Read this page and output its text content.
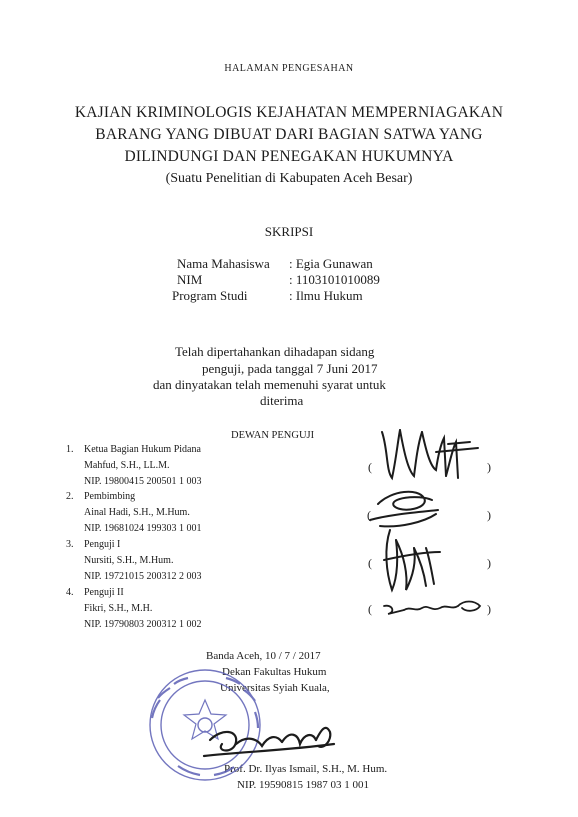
HALAMAN PENGESAHAN
KAJIAN KRIMINOLOGIS KEJAHATAN MEMPERNIAGAKAN
BARANG YANG DIBUAT DARI BAGIAN SATWA YANG
DILINDUNGI DAN PENEGAKAN HUKUMNYA
(Suatu Penelitian di Kabupaten Aceh Besar)
SKRIPSI
Nama Mahasiswa : Egia Gunawan
NIM	: 1103101010089
Program Studi	: Ilmu Hukum
Telah dipertahankan dihadapan sidang
penguji, pada tanggal 7 Juni 2017
dan dinyatakan telah memenuhi syarat untuk
diterima
DEWAN PENGUJI
1. Ketua Bagian Hukum Pidana
Mahfud, S.H., LL.M.
NIP. 19800415 200501 1 003
2. Pembimbing
Ainal Hadi, S.H., M.Hum.
NIP. 19681024 199303 1 001
3. Penguji I
Nursiti, S.H., M.Hum.
NIP. 19721015 200312 2 003
4. Penguji II
Fikri, S.H., M.H.
NIP. 19790803 200312 1 002
(	)
(	)
(	)
(	)
Banda Aceh, 10 / 7 / 2017
Dekan Fakultas Hukum
Universitas Syiah Kuala,
Prof. Dr. Ilyas Ismail, S.H., M. Hum.
NIP. 19590815 1987 03 1 001
